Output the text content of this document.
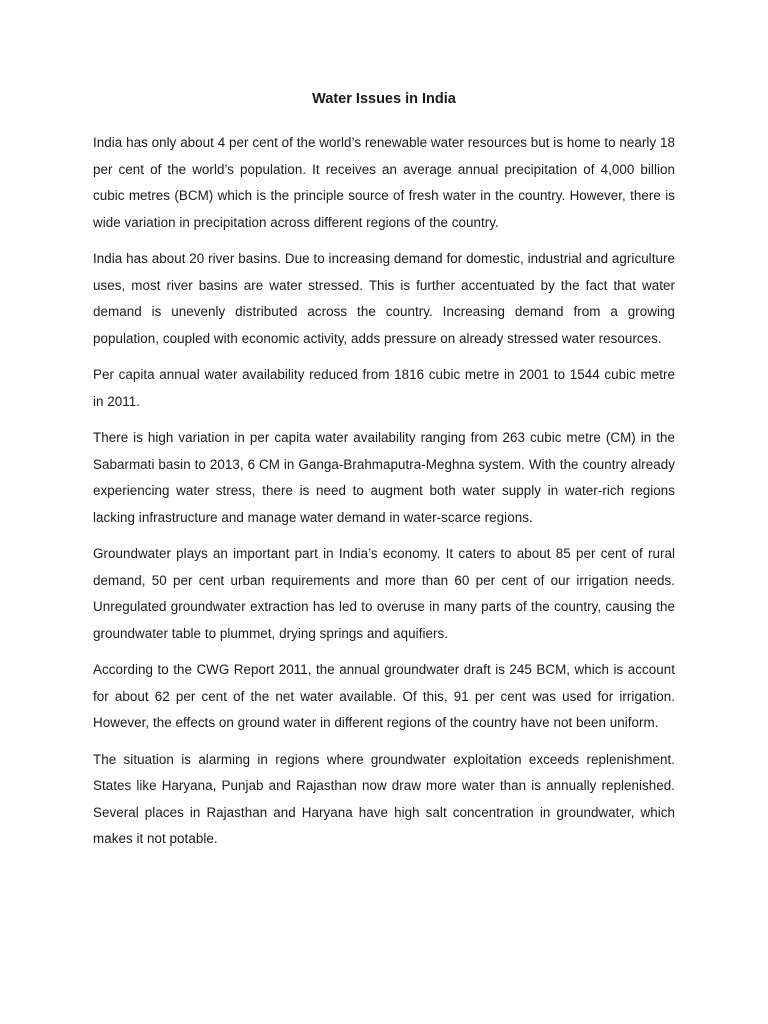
Water Issues in India

India has only about 4 per cent of the world’s renewable water resources but is home to nearly 18 per cent of the world’s population. It receives an average annual precipitation of 4,000 billion cubic metres (BCM) which is the principle source of fresh water in the country. However, there is wide variation in precipitation across different regions of the country.

India has about 20 river basins. Due to increasing demand for domestic, industrial and agriculture uses, most river basins are water stressed. This is further accentuated by the fact that water demand is unevenly distributed across the country. Increasing demand from a growing population, coupled with economic activity, adds pressure on already stressed water resources.

Per capita annual water availability reduced from 1816 cubic metre in 2001 to 1544 cubic metre in 2011.

There is high variation in per capita water availability ranging from 263 cubic metre (CM) in the Sabarmati basin to 2013, 6 CM in Ganga-Brahmaputra-Meghna system. With the country already experiencing water stress, there is need to augment both water supply in water-rich regions lacking infrastructure and manage water demand in water-scarce regions.

Groundwater plays an important part in India’s economy. It caters to about 85 per cent of rural demand, 50 per cent urban requirements and more than 60 per cent of our irrigation needs. Unregulated groundwater extraction has led to overuse in many parts of the country, causing the groundwater table to plummet, drying springs and aquifiers.

According to the CWG Report 2011, the annual groundwater draft is 245 BCM, which is account for about 62 per cent of the net water available. Of this, 91 per cent was used for irrigation. However, the effects on ground water in different regions of the country have not been uniform.

The situation is alarming in regions where groundwater exploitation exceeds replenishment. States like Haryana, Punjab and Rajasthan now draw more water than is annually replenished. Several places in Rajasthan and Haryana have high salt concentration in groundwater, which makes it not potable.
